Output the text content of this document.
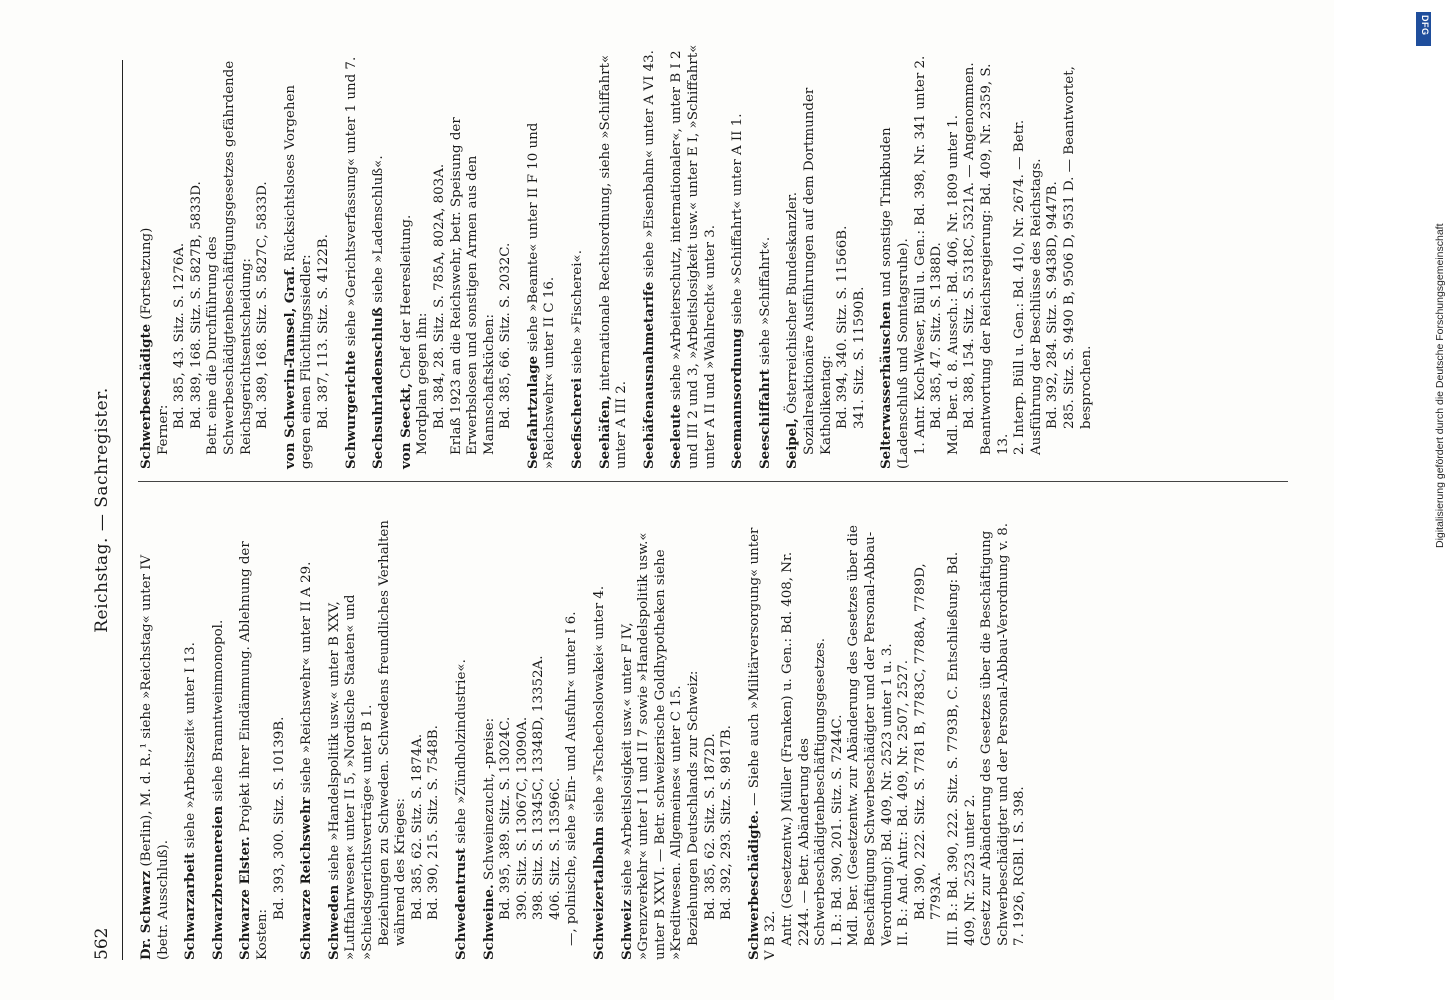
562
Reichstag. — Sachregister.

Dr. Schwarz (Berlin), M. d. R.,¹ siehe »Reichstag« unter IV (betr. Ausschluß). Schwarzarbeit siehe »Arbeitszeit« unter I 13.

Schwarzbrennereien siehe Branntweinmonopol.

Schwarze Elster. Projekt ihrer Eindämmung. Ablehnung der Kosten:

Bd. 393, 300. Sitz. S. 10139B. Schwarze Reichswehr siehe »Reichswehr« unter II A 29.

Schweden siehe »Handelspolitik usw.« unter B XXV, »Luftfahrwesen« unter II 5, »Nordische Staaten« und »Schiedsgerichtsverträge« unter B 1. Beziehungen zu Schweden. Schwedens freundliches Verhalten während des Krieges: Bd. 385, 62. Sitz. S. 1874A. Bd. 390, 215. Sitz. S. 7548B. Schwedentrust siehe »Zündholzindustrie«.

Schweine. Schweinezucht, -preise: Bd. 395, 389. Sitz. S. 13024C. 390. Sitz. S. 13067C, 13090A. 398. Sitz. S. 13345C, 13348D, 13352A. 406. Sitz. S. 13596C. —, polnische, siehe »Ein- und Ausfuhr« unter I 6. Schweizertalbahn siehe »Tschechoslowakei« unter 4.

Schweiz siehe »Arbeitslosigkeit usw.« unter F IV, »Grenzverkehr« unter I 1 und II 7 sowie »Handelspolitik usw.« unter B XXVI. — Betr. schweizerische Goldhypotheken siehe »Kreditwesen. Allgemeines« unter C 15. Beziehungen Deutschlands zur Schweiz: Bd. 385, 62. Sitz. S. 1872D. Bd. 392, 293. Sitz. S. 9817B. Schwerbeschädigte. — Siehe auch »Militärversorgung« unter V B 32. Antr. (Gesetzentw.) Müller (Franken) u. Gen.: Bd. 408, Nr. 2244. — Betr. Abänderung des Schwerbeschädigtenbeschäftigungsgesetzes. I. B.: Bd. 390, 201. Sitz. S. 7244C. Mdl. Ber. (Gesetzentw. zur Abänderung des Gesetzes über die Beschäftigung Schwerbeschädigter und der Personal-Abbau-Verordnung): Bd. 409, Nr. 2523 unter 1 u. 3. II. B.: And. Antr.: Bd. 409, Nr. 2507, 2527. Bd. 390, 222. Sitz. S. 7781 B, 7783C, 7788A, 7789D, 7793A. III. B.: Bd. 390, 222. Sitz. S. 7793B, C. Entschließung: Bd. 409, Nr. 2523 unter 2. Gesetz zur Abänderung des Gesetzes über die Beschäftigung Schwerbeschädigter und der Personal-Abbau-Verordnung v. 8. 7. 1926, RGBl. I S. 398.

Schwerbeschädigte (Fortsetzung)

Ferner:

Bd. 385, 43. Sitz. S. 1276A. Bd. 389, 168. Sitz. S. 5827B, 5833D. Betr. eine die Durchführung des Schwerbeschädigtenbeschäftigungsgesetzes gefährdende Reichsgerichtsentscheidung: Bd. 389, 168. Sitz. S. 5827C, 5833D. von Schwerin-Tamsel, Graf. Rücksichtsloses Vorgehen gegen einen Flüchtlingssiedler: Bd. 387, 113. Sitz. S. 4122B. Schwurgerichte siehe »Gerichtsverfassung« unter 1 und 7.

Sechsuhrladenschluß siehe »Ladenschluß«.

von Seeckt, Chef der Heeresleitung.

Mordplan gegen ihn: Bd. 384, 28. Sitz. S. 785A, 802A, 803A. Erlaß 1923 an die Reichswehr, betr. Speisung der Erwerbslosen und sonstigen Armen aus den Mannschaftsküchen: Bd. 385, 66. Sitz. S. 2032C. Seefahrtzulage siehe »Beamte« unter II F 10 und »Reichswehr« unter II C 16. Seefischerei siehe »Fischerei«.

Seehäfen, internationale Rechtsordnung, siehe »Schiffahrt« unter A III 2. Seehäfenausnahmetarife siehe »Eisenbahn« unter A VI 43.

Seeleute siehe »Arbeiterschutz, internationaler«, unter B I 2 und III 2 und 3, »Arbeitslosigkeit usw.« unter E I, »Schiffahrt« unter A II und »Wahlrecht« unter 3. Seemannsordnung siehe »Schiffahrt« unter A II 1.

Seeschiffahrt siehe »Schiffahrt«.

Seipel, Österreichischer Bundeskanzler. Sozialreaktionäre Ausführungen auf dem Dortmunder Katholikentag: Bd. 394, 340. Sitz. S. 11566B. 341. Sitz. S. 11590B. Selterwasserhäuschen und sonstige Trinkbuden (Ladenschluß und Sonntagsruhe). 1. Antr. Koch-Weser, Büll u. Gen.: Bd. 398, Nr. 341 unter 2. Bd. 385, 47. Sitz. S. 1388D. Mdl. Ber. d. 8. Aussch.: Bd. 406, Nr. 1809 unter 1. Bd. 388, 154. Sitz. S. 5318C, 5321A. — Angenommen. Beantwortung der Reichsregierung: Bd. 409, Nr. 2359, S. 13. 2. Interp. Büll u. Gen.: Bd. 410, Nr. 2674. — Betr. Ausführung der Beschlüsse des Reichstags. Bd. 392, 284. Sitz. S. 9438D, 9447B. 285. Sitz. S. 9490 B, 9506 D, 9531 D. — Beantwortet, besprochen.

DFG
Digitalisierung gefördert durch die Deutsche Forschungsgemeinschaft
